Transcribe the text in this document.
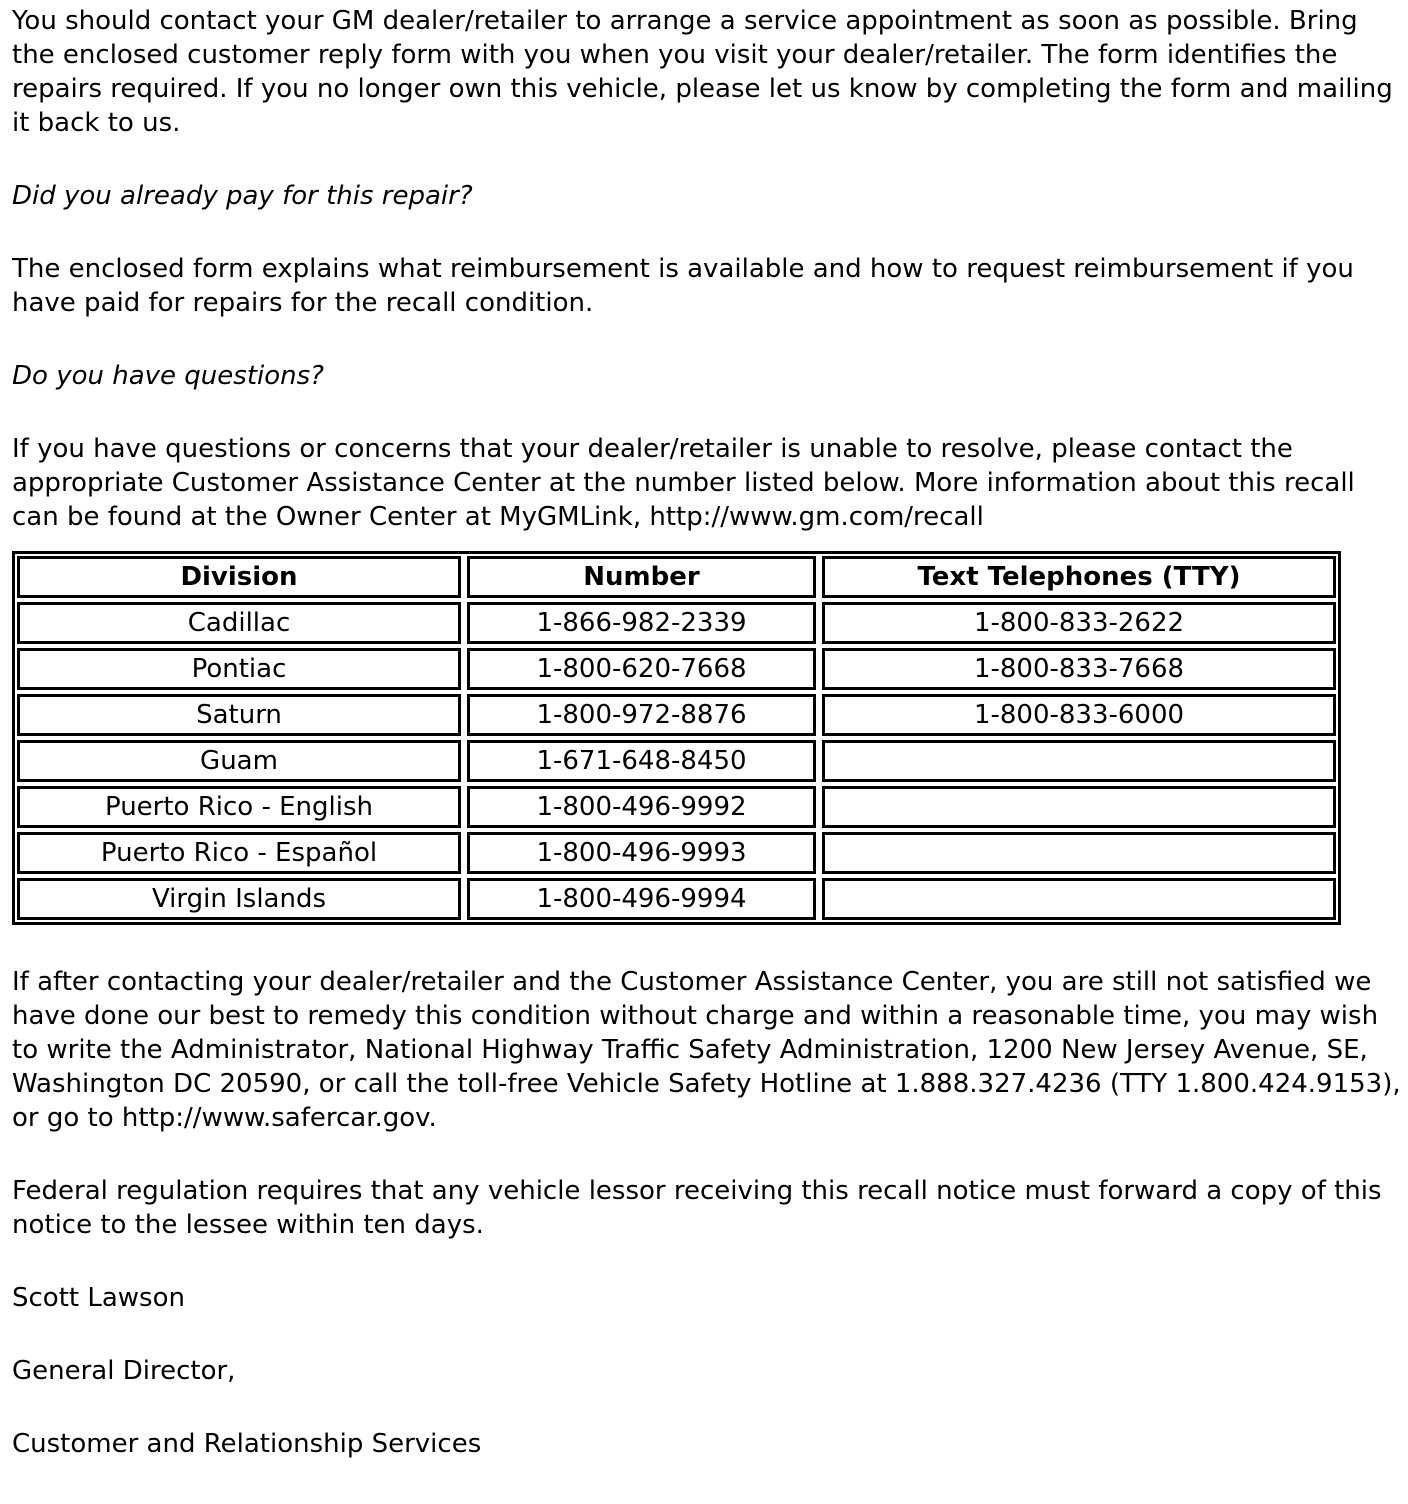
You should contact your GM dealer/retailer to arrange a service appointment as soon as possible. Bring the enclosed customer reply form with you when you visit your dealer/retailer. The form identifies the repairs required. If you no longer own this vehicle, please let us know by completing the form and mailing it back to us.

Did you already pay for this repair?

The enclosed form explains what reimbursement is available and how to request reimbursement if you have paid for repairs for the recall condition.

Do you have questions?

If you have questions or concerns that your dealer/retailer is unable to resolve, please contact the appropriate Customer Assistance Center at the number listed below. More information about this recall can be found at the Owner Center at MyGMLink, http://www.gm.com/recall

Division	Number	Text Telephones (TTY)
Cadillac	1-866-982-2339	1-800-833-2622
Pontiac	1-800-620-7668	1-800-833-7668
Saturn	1-800-972-8876	1-800-833-6000
Guam	1-671-648-8450	
Puerto Rico - English	1-800-496-9992	
Puerto Rico - Español	1-800-496-9993	
Virgin Islands	1-800-496-9994	

If after contacting your dealer/retailer and the Customer Assistance Center, you are still not satisfied we have done our best to remedy this condition without charge and within a reasonable time, you may wish to write the Administrator, National Highway Traffic Safety Administration, 1200 New Jersey Avenue, SE, Washington DC 20590, or call the toll-free Vehicle Safety Hotline at 1.888.327.4236 (TTY 1.800.424.9153), or go to http://www.safercar.gov.

Federal regulation requires that any vehicle lessor receiving this recall notice must forward a copy of this notice to the lessee within ten days.

Scott Lawson

General Director,

Customer and Relationship Services
